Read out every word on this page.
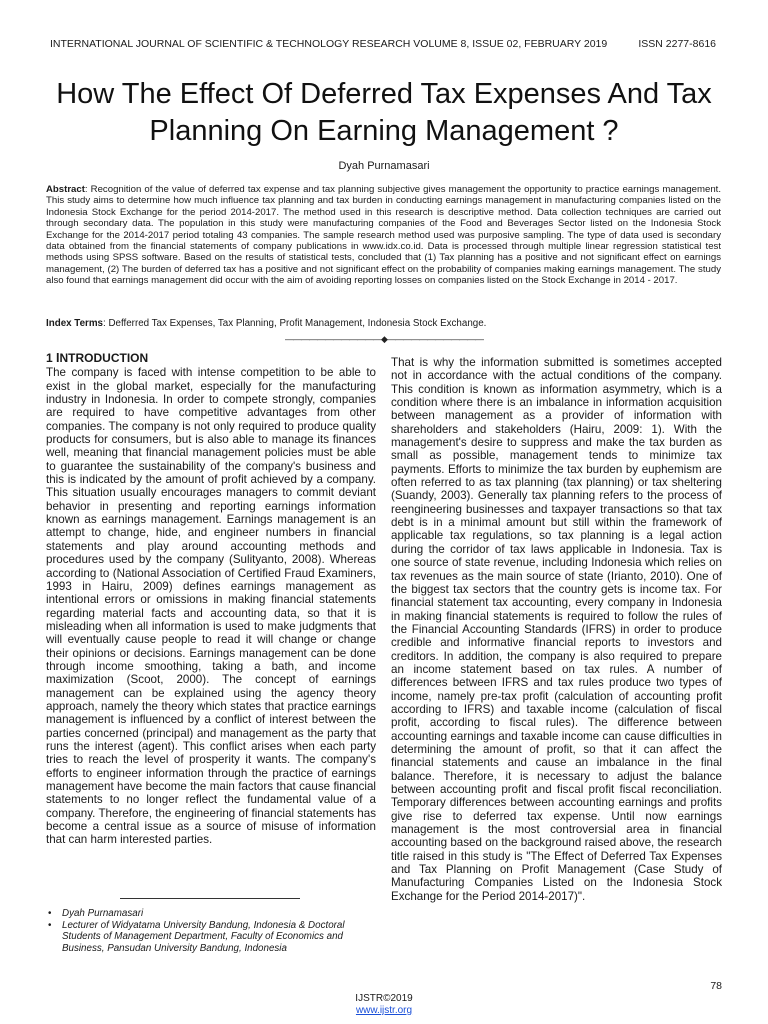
INTERNATIONAL JOURNAL OF SCIENTIFIC & TECHNOLOGY RESEARCH VOLUME 8, ISSUE 02, FEBRUARY 2019	ISSN 2277-8616
How The Effect Of Deferred Tax Expenses And Tax Planning On Earning Management ?
Dyah Purnamasari
Abstract: Recognition of the value of deferred tax expense and tax planning subjective gives management the opportunity to practice earnings management. This study aims to determine how much influence tax planning and tax burden in conducting earnings management in manufacturing companies listed on the Indonesia Stock Exchange for the period 2014-2017. The method used in this research is descriptive method. Data collection techniques are carried out through secondary data. The population in this study were manufacturing companies of the Food and Beverages Sector listed on the Indonesia Stock Exchange for the 2014-2017 period totaling 43 companies. The sample research method used was purposive sampling. The type of data used is secondary data obtained from the financial statements of company publications in www.idx.co.id. Data is processed through multiple linear regression statistical test methods using SPSS software. Based on the results of statistical tests, concluded that (1) Tax planning has a positive and not significant effect on earnings management, (2) The burden of deferred tax has a positive and not significant effect on the probability of companies making earnings management. The study also found that earnings management did occur with the aim of avoiding reporting losses on companies listed on the Stock Exchange in 2014 - 2017.
Index Terms: Defferred Tax Expenses, Tax Planning, Profit Management, Indonesia Stock Exchange.
————————————◆————————————
1 INTRODUCTION
The company is faced with intense competition to be able to exist in the global market, especially for the manufacturing industry in Indonesia. In order to compete strongly, companies are required to have competitive advantages from other companies. The company is not only required to produce quality products for consumers, but is also able to manage its finances well, meaning that financial management policies must be able to guarantee the sustainability of the company's business and this is indicated by the amount of profit achieved by a company. This situation usually encourages managers to commit deviant behavior in presenting and reporting earnings information known as earnings management. Earnings management is an attempt to change, hide, and engineer numbers in financial statements and play around accounting methods and procedures used by the company (Sulityanto, 2008). Whereas according to (National Association of Certified Fraud Examiners, 1993 in Hairu, 2009) defines earnings management as intentional errors or omissions in making financial statements regarding material facts and accounting data, so that it is misleading when all information is used to make judgments that will eventually cause people to read it will change or change their opinions or decisions. Earnings management can be done through income smoothing, taking a bath, and income maximization (Scoot, 2000). The concept of earnings management can be explained using the agency theory approach, namely the theory which states that practice earnings management is influenced by a conflict of interest between the parties concerned (principal) and management as the party that runs the interest (agent). This conflict arises when each party tries to reach the level of prosperity it wants. The company's efforts to engineer information through the practice of earnings management have become the main factors that cause financial statements to no longer reflect the fundamental value of a company. Therefore, the engineering of financial statements has become a central issue as a source of misuse of information that can harm interested parties.
That is why the information submitted is sometimes accepted not in accordance with the actual conditions of the company. This condition is known as information asymmetry, which is a condition where there is an imbalance in information acquisition between management as a provider of information with shareholders and stakeholders (Hairu, 2009: 1). With the management's desire to suppress and make the tax burden as small as possible, management tends to minimize tax payments. Efforts to minimize the tax burden by euphemism are often referred to as tax planning (tax planning) or tax sheltering (Suandy, 2003). Generally tax planning refers to the process of reengineering businesses and taxpayer transactions so that tax debt is in a minimal amount but still within the framework of applicable tax regulations, so tax planning is a legal action during the corridor of tax laws applicable in Indonesia. Tax is one source of state revenue, including Indonesia which relies on tax revenues as the main source of state (Irianto, 2010). One of the biggest tax sectors that the country gets is income tax. For financial statement tax accounting, every company in Indonesia in making financial statements is required to follow the rules of the Financial Accounting Standards (IFRS) in order to produce credible and informative financial reports to investors and creditors. In addition, the company is also required to prepare an income statement based on tax rules. A number of differences between IFRS and tax rules produce two types of income, namely pre-tax profit (calculation of accounting profit according to IFRS) and taxable income (calculation of fiscal profit, according to fiscal rules). The difference between accounting earnings and taxable income can cause difficulties in determining the amount of profit, so that it can affect the financial statements and cause an imbalance in the final balance. Therefore, it is necessary to adjust the balance between accounting profit and fiscal profit fiscal reconciliation. Temporary differences between accounting earnings and profits give rise to deferred tax expense. Until now earnings management is the most controversial area in financial accounting based on the background raised above, the research title raised in this study is "The Effect of Deferred Tax Expenses and Tax Planning on Profit Management (Case Study of Manufacturing Companies Listed on the Indonesia Stock Exchange for the Period 2014-2017)".
• Dyah Purnamasari
• Lecturer of Widyatama University Bandung, Indonesia & Doctoral Students of Management Department, Faculty of Economics and Business, Pansudan University Bandung, Indonesia
78
IJSTR©2019
www.ijstr.org
